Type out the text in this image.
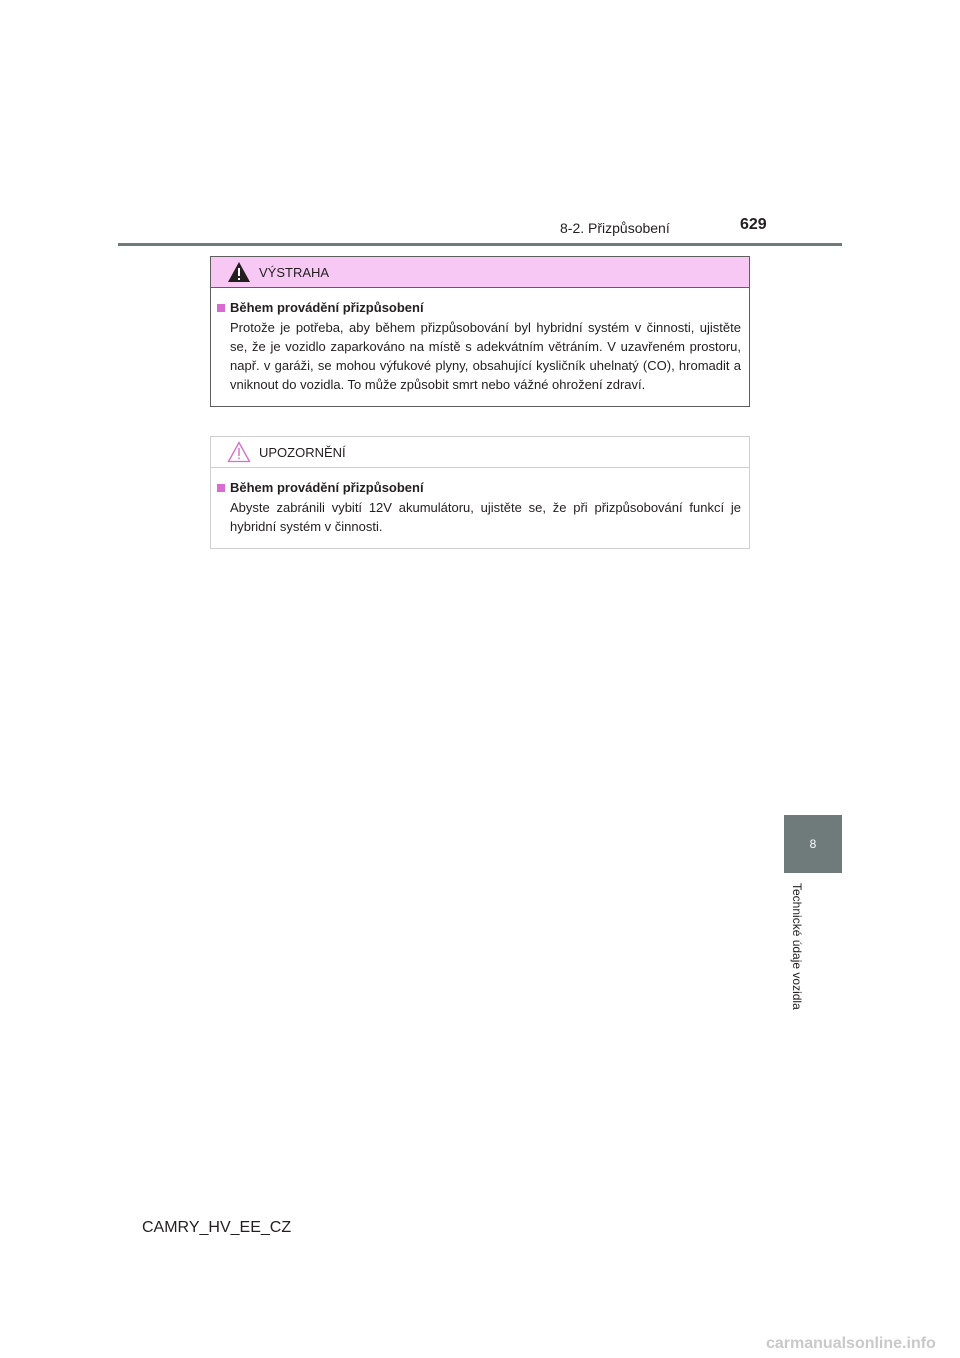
8-2. Přizpůsobení	629
8
Technické údaje vozidla
VÝSTRAHA
Během provádění přizpůsobení
Protože je potřeba, aby během přizpůsobování byl hybridní systém v činnosti, ujistěte se, že je vozidlo zaparkováno na místě s adekvátním větráním. V uzavřeném prostoru, např. v garáži, se mohou výfukové plyny, obsahující kysličník uhelnatý (CO), hromadit a vniknout do vozidla. To může způsobit smrt nebo vážné ohrožení zdraví.
UPOZORNĚNÍ
Během provádění přizpůsobení
Abyste zabránili vybití 12V akumulátoru, ujistěte se, že při přizpůsobování funkcí je hybridní systém v činnosti.
CAMRY_HV_EE_CZ
carmanualsonline.info
